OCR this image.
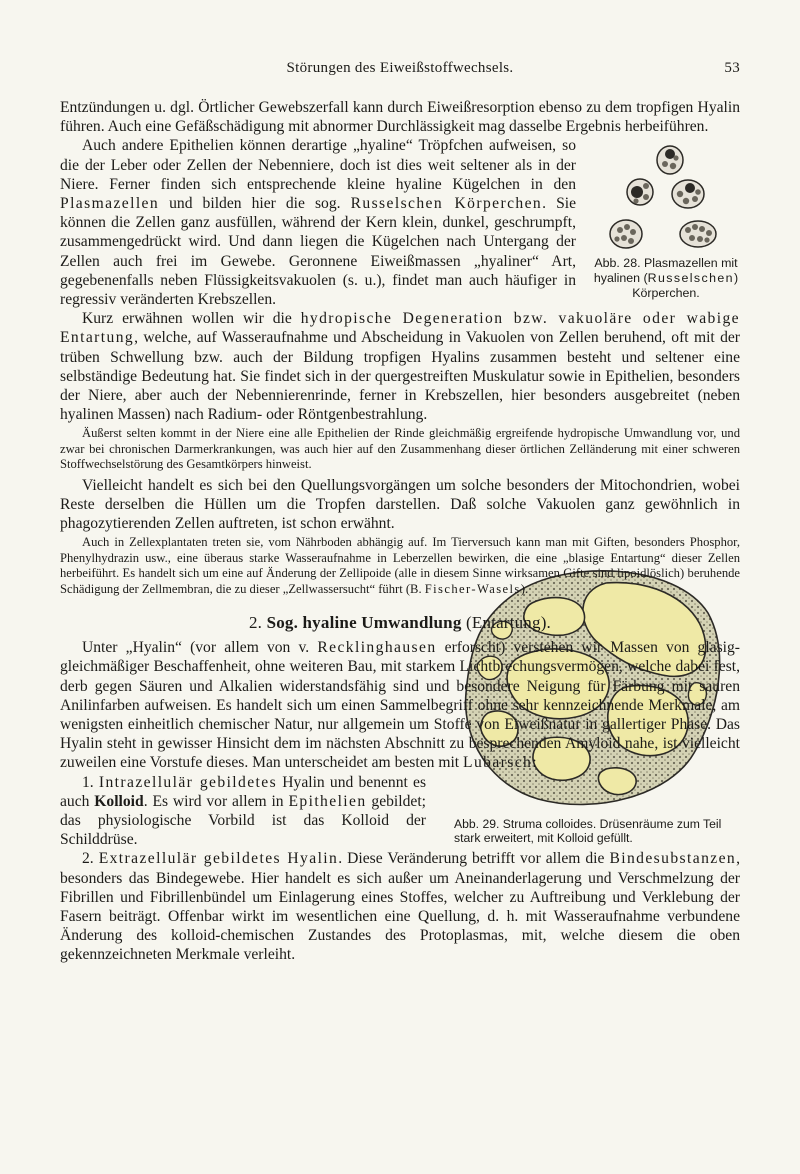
Störungen des Eiweißstoffwechsels.	53

Entzündungen u. dgl. Örtlicher Gewebszerfall kann durch Eiweißresorption ebenso zu dem tropfigen Hyalin führen. Auch eine Gefäßschädigung mit abnormer Durchlässigkeit mag dasselbe Ergebnis herbeiführen.

Abb. 28. Plasmazellen mit hyalinen (Russelschen) Körperchen.

Auch andere Epithelien können derartige „hyaline“ Tröpfchen aufweisen, so die der Leber oder Zellen der Nebenniere, doch ist dies weit seltener als in der Niere. Ferner finden sich entsprechende kleine hyaline Kügelchen in den Plasmazellen und bilden hier die sog. Russelschen Körperchen. Sie können die Zellen ganz ausfüllen, während der Kern klein, dunkel, geschrumpft, zusammengedrückt wird. Und dann liegen die Kügelchen nach Untergang der Zellen auch frei im Gewebe. Geronnene Eiweißmassen „hyaliner“ Art, gegebenenfalls neben Flüssigkeitsvakuolen (s. u.), findet man auch häufiger in regressiv veränderten Krebszellen.

Kurz erwähnen wollen wir die hydropische Degeneration bzw. vakuoläre oder wabige Entartung, welche, auf Wasseraufnahme und Abscheidung in Vakuolen von Zellen beruhend, oft mit der trüben Schwellung bzw. auch der Bildung tropfigen Hyalins zusammen besteht und seltener eine selbständige Bedeutung hat. Sie findet sich in der quergestreiften Muskulatur sowie in Epithelien, besonders der Niere, aber auch der Nebennierenrinde, ferner in Krebszellen, hier besonders ausgebreitet (neben hyalinen Massen) nach Radium- oder Röntgenbestrahlung.

Äußerst selten kommt in der Niere eine alle Epithelien der Rinde gleichmäßig ergreifende hydropische Umwandlung vor, und zwar bei chronischen Darmerkrankungen, was auch hier auf den Zusammenhang dieser örtlichen Zelländerung mit einer schweren Stoffwechselstörung des Gesamtkörpers hinweist.

Vielleicht handelt es sich bei den Quellungsvorgängen um solche besonders der Mitochondrien, wobei Reste derselben die Hüllen um die Tropfen darstellen. Daß solche Vakuolen ganz gewöhnlich in phagozytierenden Zellen auftreten, ist schon erwähnt.

Auch in Zellexplantaten treten sie, vom Nährboden abhängig auf. Im Tierversuch kann man mit Giften, besonders Phosphor, Phenylhydrazin usw., eine überaus starke Wasseraufnahme in Leberzellen bewirken, die eine „blasige Entartung“ dieser Zellen herbeiführt. Es handelt sich um eine auf Änderung der Zellipoide (alle in diesem Sinne wirksamen Gifte sind lipoidlöslich) beruhende Schädigung der Zellmembran, die zu dieser „Zellwassersucht“ führt (B. Fischer-Wasels).

2. Sog. hyaline Umwandlung (Entartung).

Unter „Hyalin“ (vor allem von v. Recklinghausen erforscht) verstehen wir Massen von glasig-gleichmäßiger Beschaffenheit, ohne weiteren Bau, mit starkem Lichtbrechungsvermögen, welche dabei fest, derb gegen Säuren und Alkalien widerstandsfähig sind und besondere Neigung für Färbung mit sauren Anilinfarben aufweisen. Es handelt sich um einen Sammelbegriff ohne sehr kennzeichnende Merkmale, am wenigsten einheitlich chemischer Natur, nur allgemein um Stoffe von Eiweißnatur in gallertiger Phase. Das Hyalin steht in gewisser Hinsicht dem im nächsten Abschnitt zu besprechenden Amyloid nahe, ist vielleicht zuweilen eine Vorstufe dieses. Man unterscheidet am besten mit Lubarsch:

Abb. 29. Struma colloides. Drüsenräume zum Teil stark erweitert, mit Kolloid gefüllt.

1. Intrazellulär gebildetes Hyalin und benennt es auch Kolloid. Es wird vor allem in Epithelien gebildet; das physiologische Vorbild ist das Kolloid der Schilddrüse.

2. Extrazellulär gebildetes Hyalin. Diese Veränderung betrifft vor allem die Bindesubstanzen, besonders das Bindegewebe. Hier handelt es sich außer um Aneinanderlagerung und Verschmelzung der Fibrillen und Fibrillenbündel um Einlagerung eines Stoffes, welcher zu Auftreibung und Verklebung der Fasern beiträgt. Offenbar wirkt im wesentlichen eine Quellung, d. h. mit Wasseraufnahme verbundene Änderung des kolloid-chemischen Zustandes des Protoplasmas, mit, welche diesem die oben gekennzeichneten Merkmale verleiht.
